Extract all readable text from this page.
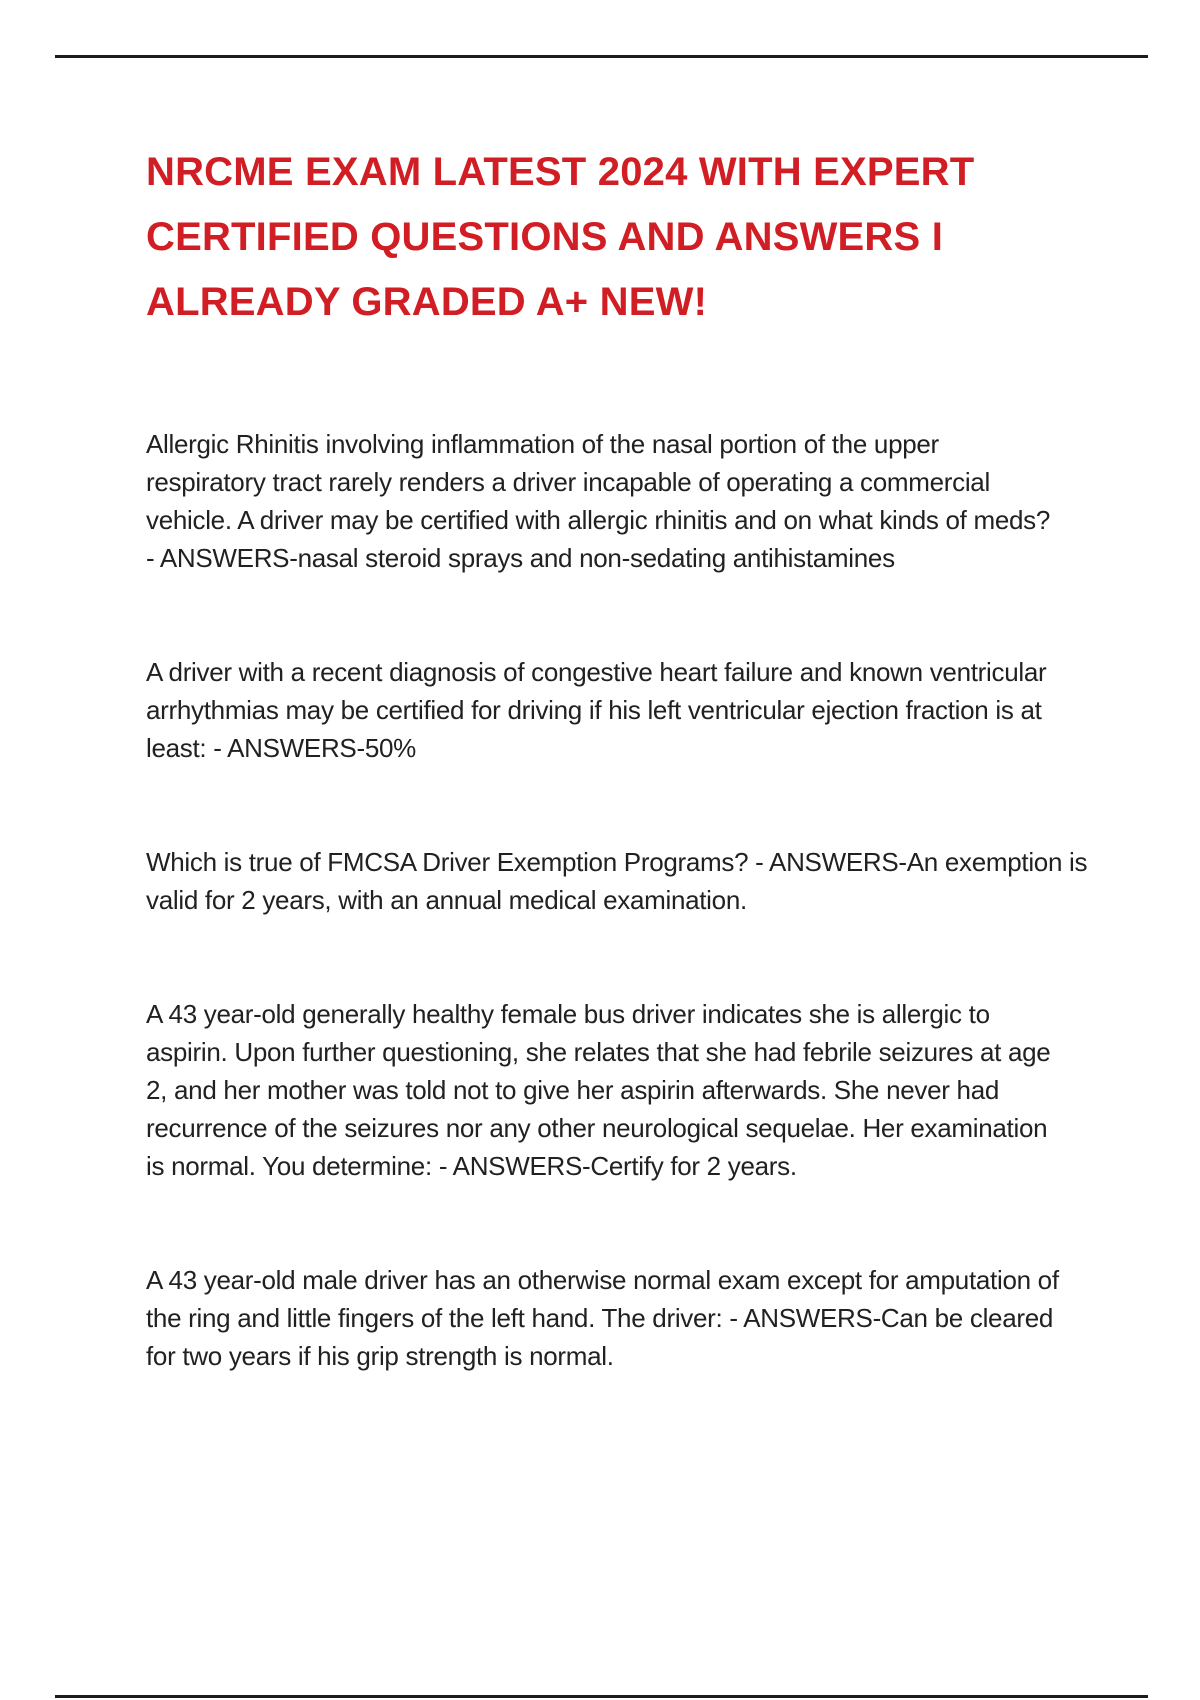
NRCME EXAM LATEST 2024 WITH EXPERT
CERTIFIED QUESTIONS AND ANSWERS I
ALREADY GRADED A+ NEW!

Allergic Rhinitis involving inflammation of the nasal portion of the upper
respiratory tract rarely renders a driver incapable of operating a commercial
vehicle. A driver may be certified with allergic rhinitis and on what kinds of meds?
- ANSWERS-nasal steroid sprays and non-sedating antihistamines

A driver with a recent diagnosis of congestive heart failure and known ventricular
arrhythmias may be certified for driving if his left ventricular ejection fraction is at
least: - ANSWERS-50%

Which is true of FMCSA Driver Exemption Programs? - ANSWERS-An exemption is
valid for 2 years, with an annual medical examination.

A 43 year-old generally healthy female bus driver indicates she is allergic to
aspirin. Upon further questioning, she relates that she had febrile seizures at age
2, and her mother was told not to give her aspirin afterwards. She never had
recurrence of the seizures nor any other neurological sequelae. Her examination
is normal. You determine: - ANSWERS-Certify for 2 years.

A 43 year-old male driver has an otherwise normal exam except for amputation of
the ring and little fingers of the left hand. The driver: - ANSWERS-Can be cleared
for two years if his grip strength is normal.
